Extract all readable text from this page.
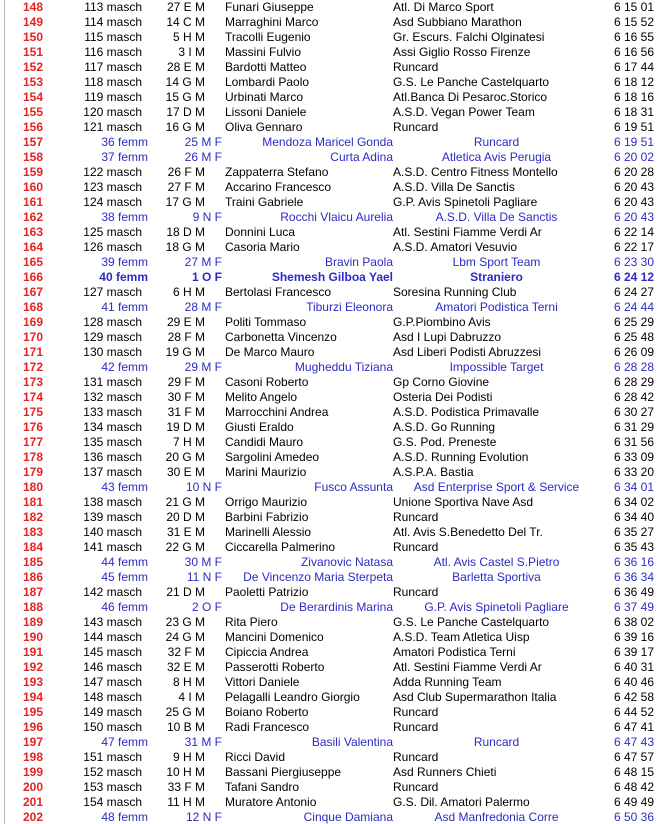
148	113 masch	27 E M	Funari Giuseppe	Atl. Di Marco Sport	6 15 01
149	114 masch	14 C M	Marraghini Marco	Asd Subbiano Marathon	6 15 52
150	115 masch	5 H M	Tracolli Eugenio	Gr. Escurs. Falchi Olginatesi	6 16 55
151	116 masch	3 I M	Massini Fulvio	Assi Giglio Rosso Firenze	6 16 56
152	117 masch	28 E M	Bardotti Matteo	Runcard	6 17 44
153	118 masch	14 G M	Lombardi Paolo	G.S. Le Panche Castelquarto	6 18 12
154	119 masch	15 G M	Urbinati Marco	Atl.Banca Di Pesaroc.Storico	6 18 16
155	120 masch	17 D M	Lissoni Daniele	A.S.D. Vegan Power Team	6 18 31
156	121 masch	16 G M	Oliva Gennaro	Runcard	6 19 51
157	36 femm	25 M F	Mendoza Maricel Gonda	Runcard	6 19 51
158	37 femm	26 M F	Curta Adina	Atletica Avis Perugia	6 20 02
159	122 masch	26 F M	Zappaterra Stefano	A.S.D. Centro Fitness Montello	6 20 28
160	123 masch	27 F M	Accarino Francesco	A.S.D. Villa De Sanctis	6 20 43
161	124 masch	17 G M	Traini Gabriele	G.P. Avis Spinetoli Pagliare	6 20 43
162	38 femm	9 N F	Rocchi Vlaicu Aurelia	A.S.D. Villa De Sanctis	6 20 43
163	125 masch	18 D M	Donnini Luca	Atl. Sestini Fiamme Verdi Ar	6 22 14
164	126 masch	18 G M	Casoria Mario	A.S.D. Amatori Vesuvio	6 22 17
165	39 femm	27 M F	Bravin Paola	Lbm Sport Team	6 23 30
166	40 femm	1 O F	Shemesh Gilboa Yael	Straniero	6 24 12
167	127 masch	6 H M	Bertolasi Francesco	Soresina Running Club	6 24 27
168	41 femm	28 M F	Tiburzi Eleonora	Amatori Podistica Terni	6 24 44
169	128 masch	29 E M	Politi Tommaso	G.P.Piombino Avis	6 25 29
170	129 masch	28 F M	Carbonetta Vincenzo	Asd I Lupi Dabruzzo	6 25 48
171	130 masch	19 G M	De Marco Mauro	Asd Liberi Podisti Abruzzesi	6 26 09
172	42 femm	29 M F	Mugheddu Tiziana	Impossible Target	6 28 28
173	131 masch	29 F M	Casoni Roberto	Gp Corno Giovine	6 28 29
174	132 masch	30 F M	Melito Angelo	Osteria Dei Podisti	6 28 42
175	133 masch	31 F M	Marrocchini Andrea	A.S.D. Podistica Primavalle	6 30 27
176	134 masch	19 D M	Giusti Eraldo	A.S.D. Go Running	6 31 29
177	135 masch	7 H M	Candidi Mauro	G.S. Pod. Preneste	6 31 56
178	136 masch	20 G M	Sargolini Amedeo	A.S.D. Running Evolution	6 33 09
179	137 masch	30 E M	Marini Maurizio	A.S.P.A. Bastia	6 33 20
180	43 femm	10 N F	Fusco Assunta	Asd Enterprise Sport & Service	6 34 01
181	138 masch	21 G M	Orrigo Maurizio	Unione Sportiva Nave Asd	6 34 02
182	139 masch	20 D M	Barbini Fabrizio	Runcard	6 34 40
183	140 masch	31 E M	Marinelli Alessio	Atl. Avis S.Benedetto Del Tr.	6 35 27
184	141 masch	22 G M	Ciccarella Palmerino	Runcard	6 35 43
185	44 femm	30 M F	Zivanovic Natasa	Atl. Avis Castel S.Pietro	6 36 16
186	45 femm	11 N F	De Vincenzo Maria Sterpeta	Barletta Sportiva	6 36 34
187	142 masch	21 D M	Paoletti Patrizio	Runcard	6 36 49
188	46 femm	2 O F	De Berardinis Marina	G.P. Avis Spinetoli Pagliare	6 37 49
189	143 masch	23 G M	Rita Piero	G.S. Le Panche Castelquarto	6 38 02
190	144 masch	24 G M	Mancini Domenico	A.S.D. Team Atletica Uisp	6 39 16
191	145 masch	32 F M	Cipiccia Andrea	Amatori Podistica Terni	6 39 17
192	146 masch	32 E M	Passerotti Roberto	Atl. Sestini Fiamme Verdi Ar	6 40 31
193	147 masch	8 H M	Vittori Daniele	Adda Running Team	6 40 46
194	148 masch	4 I M	Pelagalli Leandro Giorgio	Asd Club Supermarathon Italia	6 42 58
195	149 masch	25 G M	Boiano Roberto	Runcard	6 44 52
196	150 masch	10 B M	Radi Francesco	Runcard	6 47 41
197	47 femm	31 M F	Basili Valentina	Runcard	6 47 43
198	151 masch	9 H M	Ricci David	Runcard	6 47 57
199	152 masch	10 H M	Bassani Piergiuseppe	Asd Runners Chieti	6 48 15
200	153 masch	33 F M	Tafani Sandro	Runcard	6 48 42
201	154 masch	11 H M	Muratore Antonio	G.S. Dil. Amatori Palermo	6 49 49
202	48 femm	12 N F	Cinque Damiana	Asd Manfredonia Corre	6 50 36
